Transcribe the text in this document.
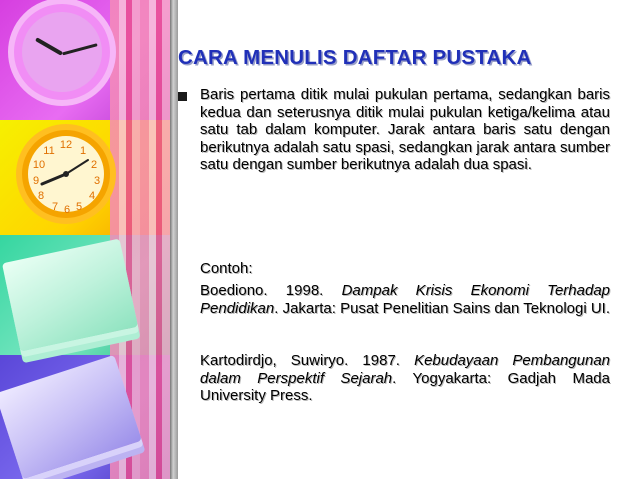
11 12 1
10	2
9	3
8	4
7 6 5
CARA MENULIS DAFTAR PUSTAKA
Baris pertama ditik mulai pukulan pertama, sedangkan baris kedua dan seterusnya ditik mulai pukulan ketiga/kelima atau satu tab dalam komputer. Jarak antara baris satu dengan berikutnya adalah satu spasi, sedangkan jarak antara sumber satu dengan sumber berikutnya adalah dua spasi.
Contoh:
Boediono. 1998. Dampak Krisis Ekonomi Terhadap Pendidikan. Jakarta: Pusat Penelitian Sains dan Teknologi UI.
Kartodirdjo, Suwiryo. 1987. Kebudayaan Pembangunan dalam Perspektif Sejarah. Yogyakarta: Gadjah Mada University Press.
